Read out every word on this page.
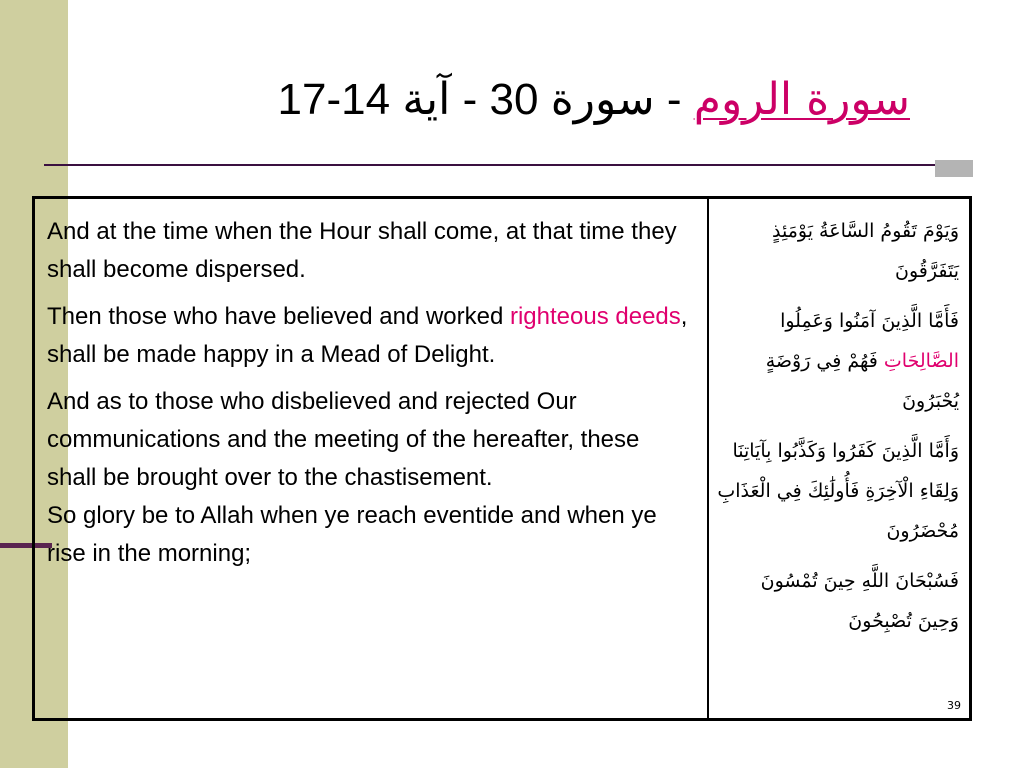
سورة الروم - سورة 30 - آية 14-17

And at the time when the Hour shall come, at that time they shall become dispersed.

Then those who have believed and worked righteous deeds, shall be made happy in a Mead of Delight.

And as to those who disbelieved and rejected Our communications and the meeting of the hereafter, these shall be brought over to the chastisement.

So glory be to Allah when ye reach eventide and when ye rise in the morning;

وَيَوْمَ تَقُومُ السَّاعَةُ يَوْمَئِذٍ يَتَفَرَّقُونَ

فَأَمَّا الَّذِينَ آمَنُوا وَعَمِلُوا الصَّالِحَاتِ فَهُمْ فِي رَوْضَةٍ يُحْبَرُونَ

وَأَمَّا الَّذِينَ كَفَرُوا وَكَذَّبُوا بِآيَاتِنَا وَلِقَاءِ الْآخِرَةِ فَأُولَٰئِكَ فِي الْعَذَابِ مُحْضَرُونَ

فَسُبْحَانَ اللَّهِ حِينَ تُمْسُونَ وَحِينَ تُصْبِحُونَ

39
